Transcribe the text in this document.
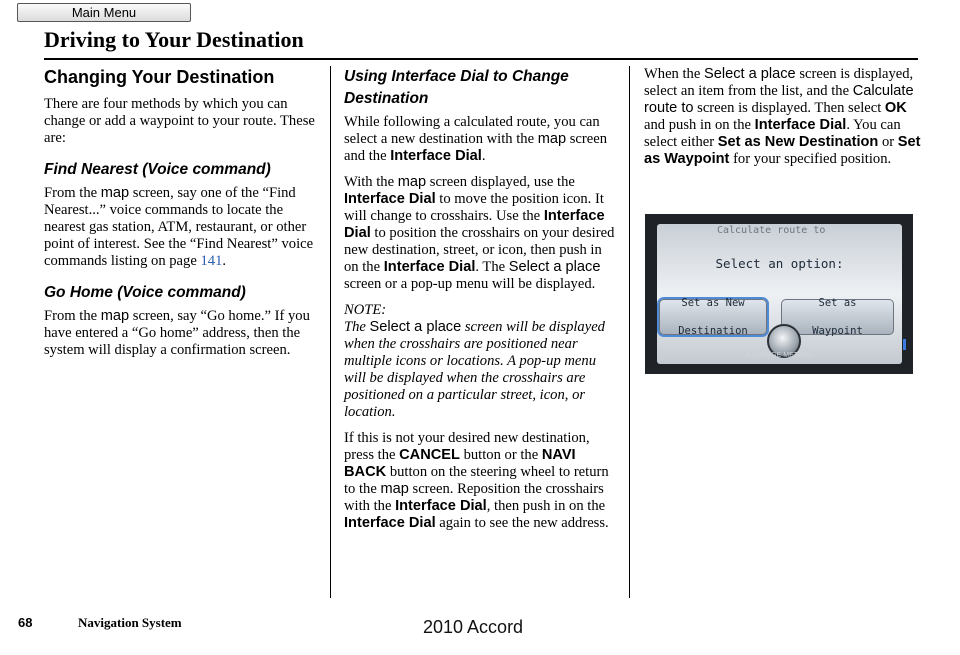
Main Menu
Driving to Your Destination
Changing Your Destination

There are four methods by which you can change or add a waypoint to your route. These are:

Find Nearest (Voice command)

From the map screen, say one of the “Find Nearest...” voice commands to locate the nearest gas station, ATM, restaurant, or other point of interest. See the “Find Nearest” voice commands listing on page 141.

Go Home (Voice command)

From the map screen, say “Go home.” If you have entered a “Go home” address, then the system will display a confirmation screen.

Using Interface Dial to Change Destination

While following a calculated route, you can select a new destination with the map screen and the Interface Dial.

With the map screen displayed, use the Interface Dial to move the position icon. It will change to crosshairs. Use the Interface Dial to position the crosshairs on your desired new destination, street, or icon, then push in on the Interface Dial. The Select a place screen or a pop-up menu will be displayed.

NOTE:

The Select a place screen will be displayed when the crosshairs are positioned near multiple icons or locations. A pop-up menu will be displayed when the crosshairs are positioned on a particular street, icon, or location.

If this is not your desired new destination, press the CANCEL button or the NAVI BACK button on the steering wheel to return to the map screen. Reposition the crosshairs with the Interface Dial, then push in on the Interface Dial again to see the new address.

When the Select a place screen is displayed, select an item from the list, and the Calculate route to screen is displayed. Then select OK and push in on the Interface Dial. You can select either Set as New Destination or Set as Waypoint for your specified position.

Calculate route to
Select an option:
Set as New

Destination
Set as

Waypoint
▼CHANGE METHOD
68	Navigation System	2010 Accord
